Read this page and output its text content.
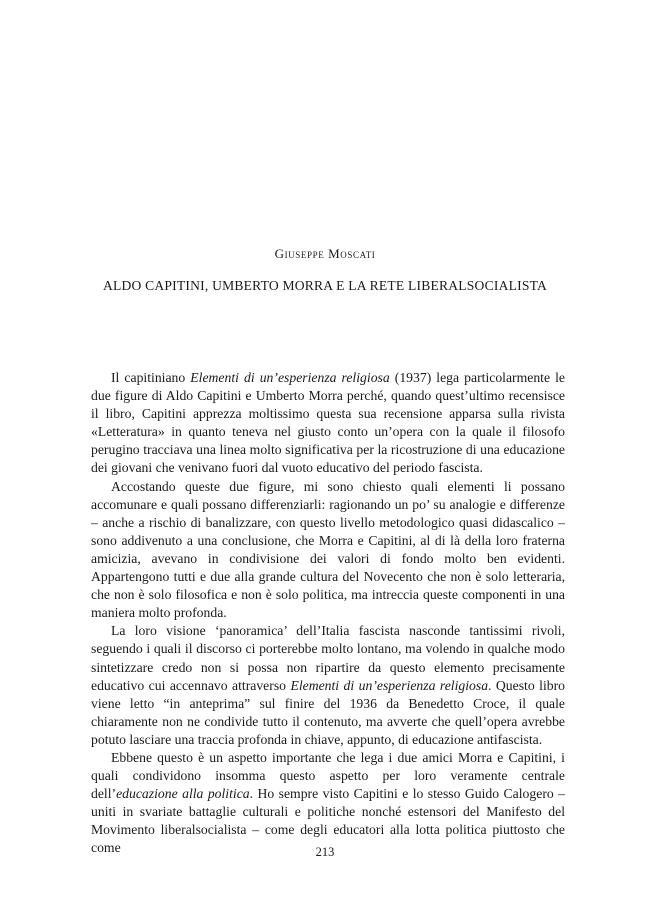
Giuseppe Moscati
ALDO CAPITINI, UMBERTO MORRA E LA RETE LIBERALSOCIALISTA

Il capitiniano Elementi di un’esperienza religiosa (1937) lega particolarmente le due figure di Aldo Capitini e Umberto Morra perché, quando quest’ultimo recensisce il libro, Capitini apprezza moltissimo questa sua recensione apparsa sulla rivista «Letteratura» in quanto teneva nel giusto conto un’opera con la quale il filosofo perugino tracciava una linea molto significativa per la ricostruzione di una educazione dei giovani che venivano fuori dal vuoto educativo del periodo fascista.

Accostando queste due figure, mi sono chiesto quali elementi li possano accomunare e quali possano differenziarli: ragionando un po’ su analogie e differenze – anche a rischio di banalizzare, con questo livello metodologico quasi didascalico – sono addivenuto a una conclusione, che Morra e Capitini, al di là della loro fraterna amicizia, avevano in condivisione dei valori di fondo molto ben evidenti. Appartengono tutti e due alla grande cultura del Novecento che non è solo letteraria, che non è solo filosofica e non è solo politica, ma intreccia queste componenti in una maniera molto profonda.

La loro visione ‘panoramica’ dell’Italia fascista nasconde tantissimi rivoli, seguendo i quali il discorso ci porterebbe molto lontano, ma volendo in qualche modo sintetizzare credo non si possa non ripartire da questo elemento precisamente educativo cui accennavo attraverso Elementi di un’esperienza religiosa. Questo libro viene letto “in anteprima” sul finire del 1936 da Benedetto Croce, il quale chiaramente non ne condivide tutto il contenuto, ma avverte che quell’opera avrebbe potuto lasciare una traccia profonda in chiave, appunto, di educazione antifascista.

Ebbene questo è un aspetto importante che lega i due amici Morra e Capitini, i quali condividono insomma questo aspetto per loro veramente centrale dell’educazione alla politica. Ho sempre visto Capitini e lo stesso Guido Calogero – uniti in svariate battaglie culturali e politiche nonché estensori del Manifesto del Movimento liberalsocialista – come degli educatori alla lotta politica piuttosto che come	213
